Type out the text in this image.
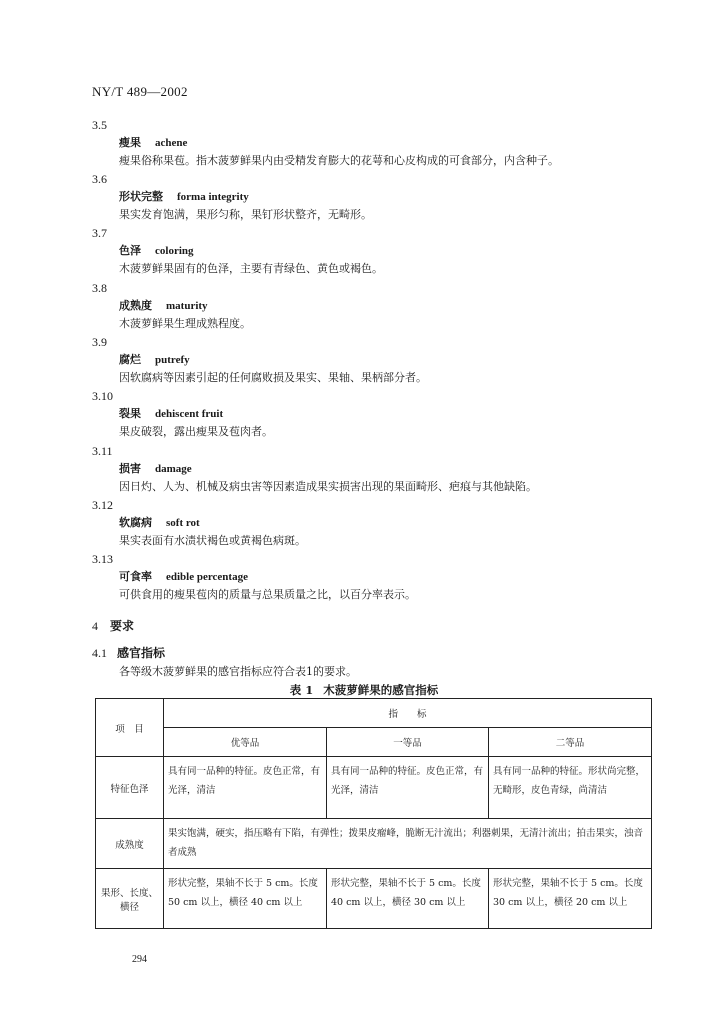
NY/T 489—2002
3.5
瘦果 achene
瘦果俗称果苞。指木菠萝鲜果内由受精发育膨大的花萼和心皮构成的可食部分，内含种子。
3.6
形状完整 forma integrity
果实发育饱满，果形匀称，果钉形状整齐，无畸形。
3.7
色泽 coloring
木菠萝鲜果固有的色泽，主要有青绿色、黄色或褐色。
3.8
成熟度 maturity
木菠萝鲜果生理成熟程度。
3.9
腐烂 putrefy
因软腐病等因素引起的任何腐败损及果实、果轴、果柄部分者。
3.10
裂果 dehiscent fruit
果皮破裂，露出瘦果及苞肉者。
3.11
损害 damage
因日灼、人为、机械及病虫害等因素造成果实损害出现的果面畸形、疤痕与其他缺陷。
3.12
软腐病 soft rot
果实表面有水渍状褐色或黄褐色病斑。
3.13
可食率 edible percentage
可供食用的瘦果苞肉的质量与总果质量之比，以百分率表示。
4 要求
4.1 感官指标
各等级木菠萝鲜果的感官指标应符合表1的要求。
表 1 木菠萝鲜果的感官指标
项　目	指　　标		
	优等品	一等品	二等品
特征色泽	具有同一品种的特征。皮色正常，有光泽，清洁	具有同一品种的特征。皮色正常，有光泽，清洁	具有同一品种的特征。形状尚完整，无畸形，皮色青绿，尚清洁
成熟度	果实饱满，硬实，指压略有下陷，有弹性；拨果皮瘤峰，脆断无汁流出；利器刺果，无清汁流出；拍击果实，浊音者成熟		
果形、长度、横径	形状完整，果轴不长于 5 cm。长度 50 cm 以上，横径 40 cm 以上	形状完整，果轴不长于 5 cm。长度 40 cm 以上，横径 30 cm 以上	形状完整，果轴不长于 5 cm。长度 30 cm 以上，横径 20 cm 以上
294
